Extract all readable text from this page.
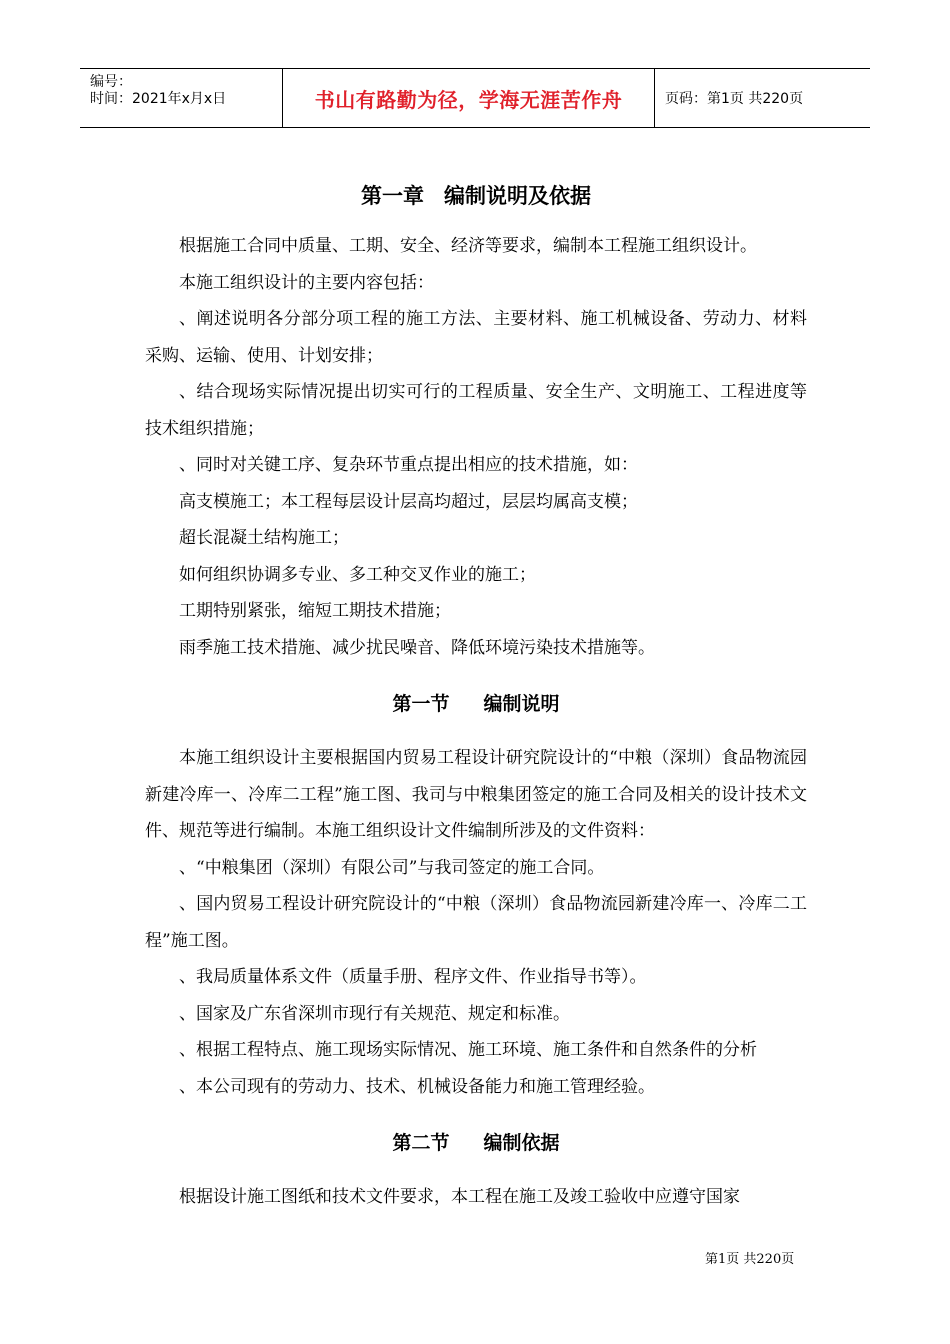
编号：
时间：2021年x月x日	书山有路勤为径，学海无涯苦作舟	页码：第1页 共220页
第一章 编制说明及依据

根据施工合同中质量、工期、安全、经济等要求，编制本工程施工组织设计。

本施工组织设计的主要内容包括：

、阐述说明各分部分项工程的施工方法、主要材料、施工机械设备、劳动力、材料采购、运输、使用、计划安排；

、结合现场实际情况提出切实可行的工程质量、安全生产、文明施工、工程进度等技术组织措施；

、同时对关键工序、复杂环节重点提出相应的技术措施，如：

高支模施工；本工程每层设计层高均超过，层层均属高支模；

超长混凝土结构施工；

如何组织协调多专业、多工种交叉作业的施工；

工期特别紧张，缩短工期技术措施；

雨季施工技术措施、减少扰民噪音、降低环境污染技术措施等。

第一节 编制说明

本施工组织设计主要根据国内贸易工程设计研究院设计的“中粮（深圳）食品物流园新建冷库一、冷库二工程”施工图、我司与中粮集团签定的施工合同及相关的设计技术文件、规范等进行编制。本施工组织设计文件编制所涉及的文件资料：

、“中粮集团（深圳）有限公司”与我司签定的施工合同。

、国内贸易工程设计研究院设计的“中粮（深圳）食品物流园新建冷库一、冷库二工程”施工图。

、我局质量体系文件（质量手册、程序文件、作业指导书等）。

、国家及广东省深圳市现行有关规范、规定和标准。

、根据工程特点、施工现场实际情况、施工环境、施工条件和自然条件的分析

、本公司现有的劳动力、技术、机械设备能力和施工管理经验。

第二节 编制依据

根据设计施工图纸和技术文件要求，本工程在施工及竣工验收中应遵守国家

第1页 共220页
